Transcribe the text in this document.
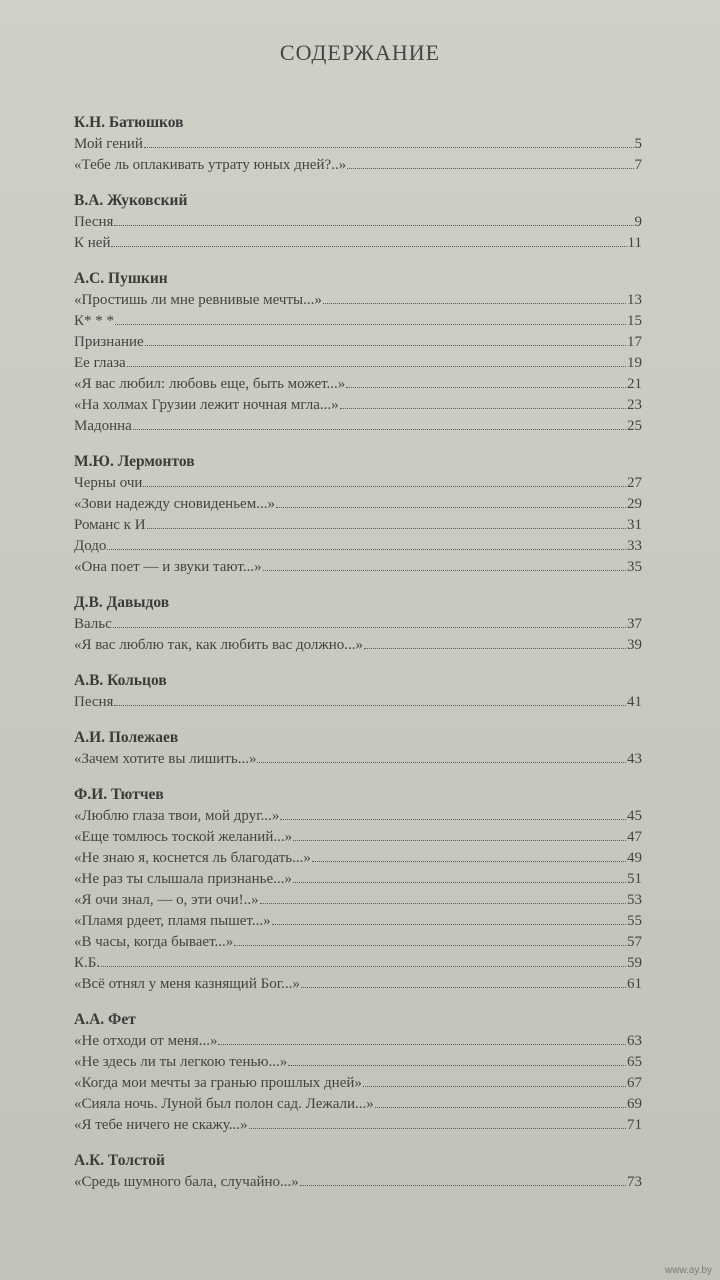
СОДЕРЖАНИЕ
К.Н. Батюшков
Мой гений	5
«Тебе ль оплакивать утрату юных дней?..»	7
В.А. Жуковский
Песня	9
К ней	11
А.С. Пушкин
«Простишь ли мне ревнивые мечты...»	13
К* * *	15
Признание	17
Ее глаза	19
«Я вас любил: любовь еще, быть может...»	21
«На холмах Грузии лежит ночная мгла...»	23
Мадонна	25
М.Ю. Лермонтов
Черны очи	27
«Зови надежду сновиденьем...»	29
Романс к И	31
Додо	33
«Она поет — и звуки тают...»	35
Д.В. Давыдов
Вальс	37
«Я вас люблю так, как любить вас должно...»	39
А.В. Кольцов
Песня	41
А.И. Полежаев
«Зачем хотите вы лишить...»	43
Ф.И. Тютчев
«Люблю глаза твои, мой друг...»	45
«Еще томлюсь тоской желаний...»	47
«Не знаю я, коснется ль благодать...»	49
«Не раз ты слышала признанье...»	51
«Я очи знал, — о, эти очи!..»	53
«Пламя рдеет, пламя пышет...»	55
«В часы, когда бывает...»	57
К.Б.	59
«Всё отнял у меня казнящий Бог...»	61
А.А. Фет
«Не отходи от меня...»	63
«Не здесь ли ты легкою тенью...»	65
«Когда мои мечты за гранью прошлых дней»	67
«Сияла ночь. Луной был полон сад. Лежали...»	69
«Я тебе ничего не скажу...»	71
А.К. Толстой
«Средь шумного бала, случайно...»	73
www.ay.by
